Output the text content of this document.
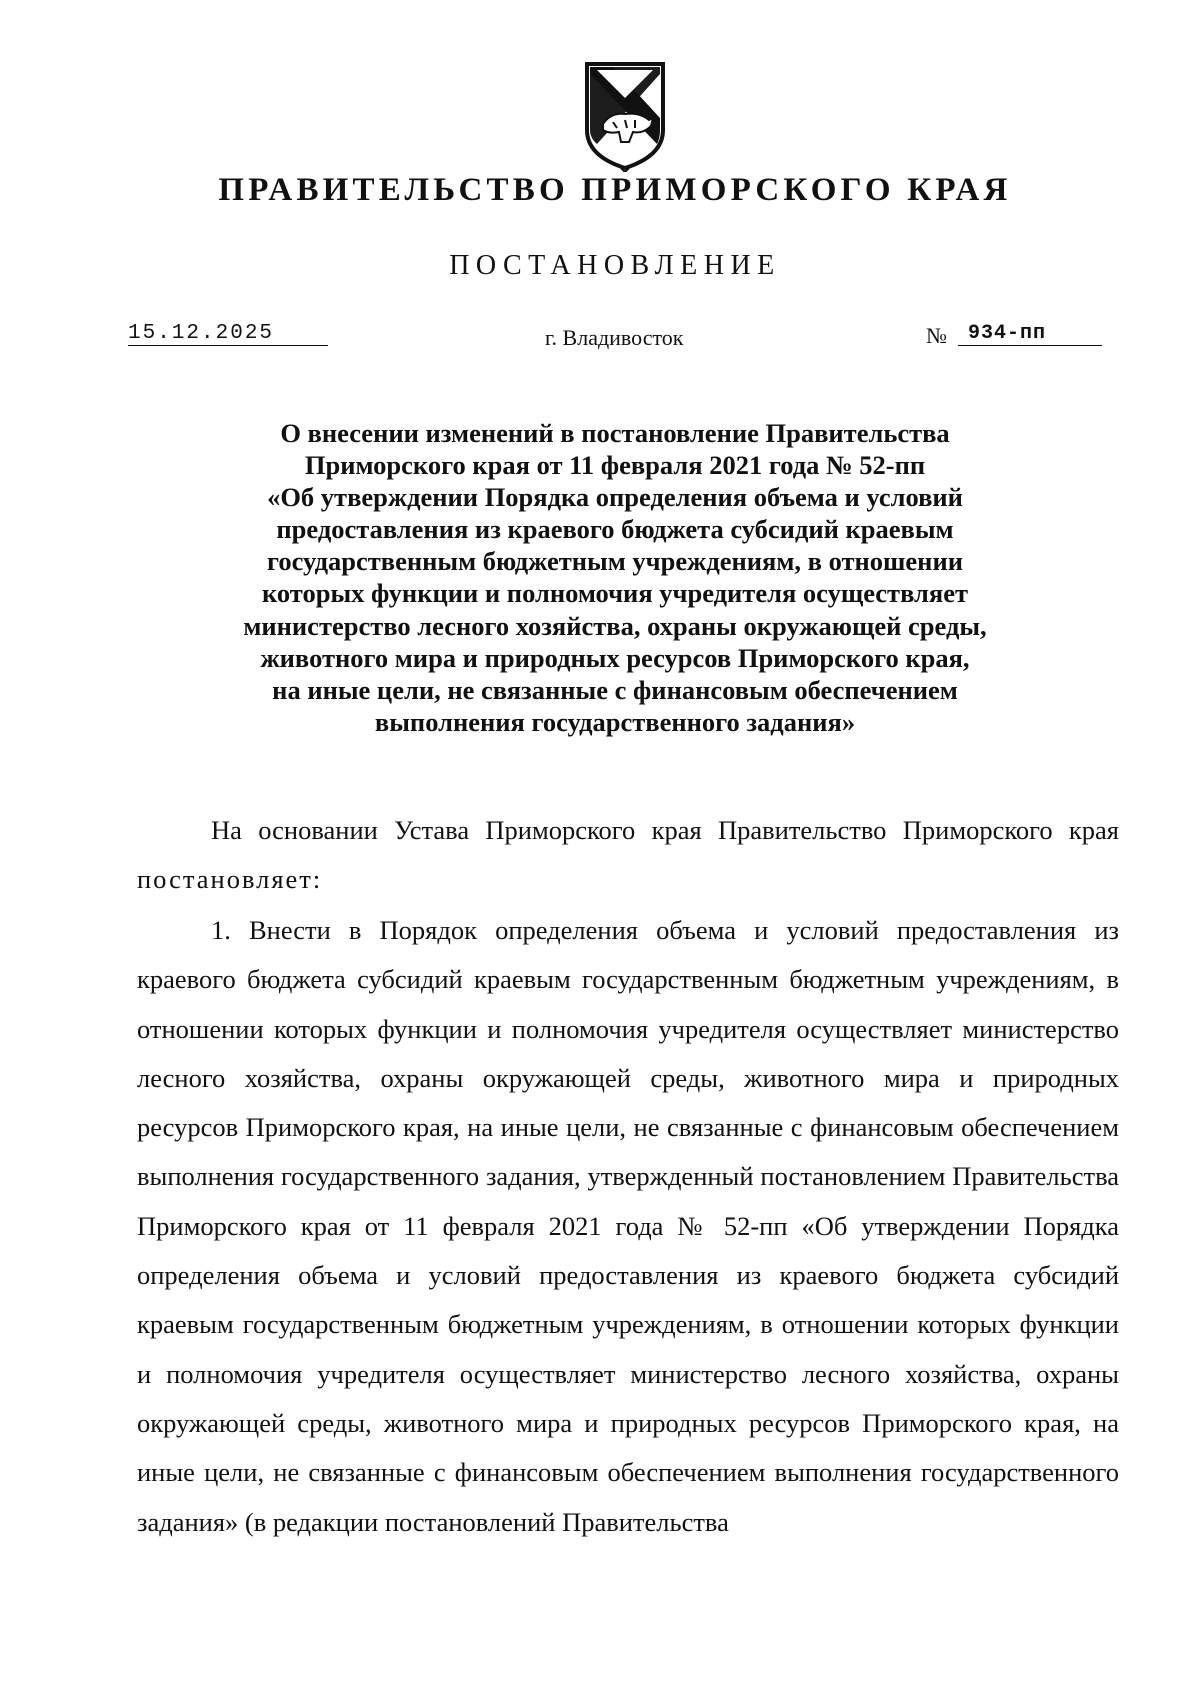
ПРАВИТЕЛЬСТВО ПРИМОРСКОГО КРАЯ
ПОСТАНОВЛЕНИЕ
15.12.2025	г. Владивосток	№	934-пп
О внесении изменений в постановление Правительства
Приморского края от 11 февраля 2021 года № 52-пп
«Об утверждении Порядка определения объема и условий
предоставления из краевого бюджета субсидий краевым
государственным бюджетным учреждениям, в отношении
которых функции и полномочия учредителя осуществляет
министерство лесного хозяйства, охраны окружающей среды,
животного мира и природных ресурсов Приморского края,
на иные цели, не связанные с финансовым обеспечением
выполнения государственного задания»
На основании Устава Приморского края Правительство Приморского края постановляет:
1. Внести в Порядок определения объема и условий предоставления из краевого бюджета субсидий краевым государственным бюджетным учреждениям, в отношении которых функции и полномочия учредителя осуществляет министерство лесного хозяйства, охраны окружающей среды, животного мира и природных ресурсов Приморского края, на иные цели, не связанные с финансовым обеспечением выполнения государственного задания, утвержденный постановлением Правительства Приморского края от 11 февраля 2021 года № 52-пп «Об утверждении Порядка определения объема и условий предоставления из краевого бюджета субсидий краевым государственным бюджетным учреждениям, в отношении которых функции и полномочия учредителя осуществляет министерство лесного хозяйства, охраны окружающей среды, животного мира и природных ресурсов Приморского края, на иные цели, не связанные с финансовым обеспечением выполнения государственного задания» (в редакции постановлений Правительства
